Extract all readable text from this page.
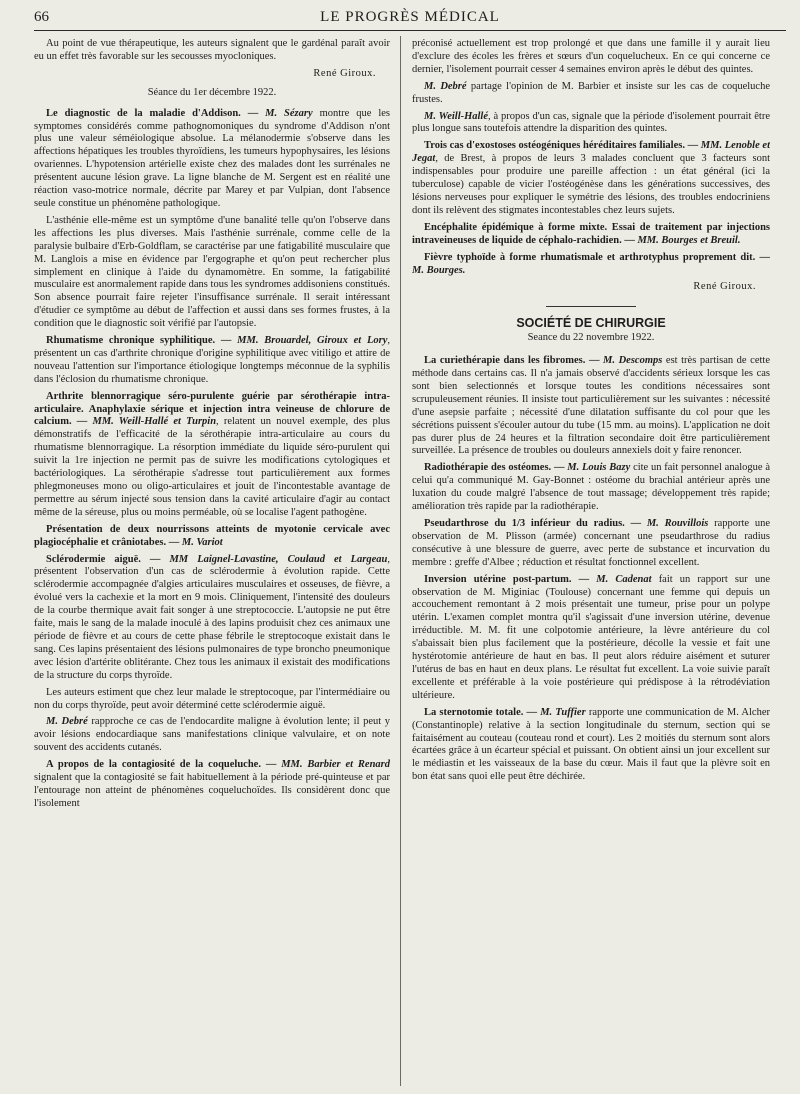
66	LE PROGRÈS MÉDICAL

Au point de vue thérapeutique, les auteurs signalent que le gardénal paraît avoir eu un effet très favorable sur les secousses myocloniques.

René Giroux.

Séance du 1er décembre 1922.

Le diagnostic de la maladie d'Addison. — M. Sézary montre que les symptomes considérés comme pathognomoniques du syndrome d'Addison n'ont plus une valeur séméiologique absolue. La mélanodermie s'observe dans les affections hépatiques les troubles thyroïdiens, les tumeurs hypophysaires, les lésions ovariennes. L'hypotension artérielle existe chez des malades dont les surrénales ne présentent aucune lésion grave. La ligne blanche de M. Sergent est en réalité une réaction vaso-motrice normale, décrite par Marey et par Vulpian, dont l'absence seule constitue un phénomène pathologique.

L'asthénie elle-même est un symptôme d'une banalité telle qu'on l'observe dans les affections les plus diverses. Mais l'asthénie surrénale, comme celle de la paralysie bulbaire d'Erb-Goldflam, se caractérise par une fatigabilité musculaire que M. Langlois a mise en évidence par l'ergographe et qu'on peut rechercher plus simplement en clinique à l'aide du dynamomètre. En somme, la fatigabilité musculaire est anormalement rapide dans tous les syndromes addisoniens constitués. Son absence pourrait faire rejeter l'insuffisance surrénale. Il serait intéressant d'étudier ce symptôme au début de l'affection et aussi dans ses formes frustes, à la condition que le diagnostic soit vérifié par l'autopsie.

Rhumatisme chronique syphilitique. — MM. Brouardel, Giroux et Lory, présentent un cas d'arthrite chronique d'origine syphilitique avec vitiligo et attire de nouveau l'attention sur l'importance étiologique longtemps méconnue de la syphilis dans l'éclosion du rhumatisme chronique.

Arthrite blennorragique séro-purulente guérie par sérothérapie intra-articulaire. Anaphylaxie sérique et injection intra veineuse de chlorure de calcium. — MM. Weill-Hallé et Turpin, relatent un nouvel exemple, des plus démonstratifs de l'efficacité de la sérothérapie intra-articulaire au cours du rhumatisme blennorragique. La résorption immédiate du liquide séro-purulent qui suivit la 1re injection ne permit pas de suivre les modifications cytologiques et bactériologiques. La sérothérapie s'adresse tout particulièrement aux formes phlegmoneuses mono ou oligo-articulaires et jouit de l'incontestable avantage de permettre au sérum injecté sous tension dans la cavité articulaire d'agir au contact même de la séreuse, plus ou moins perméable, où se localise l'agent pathogène.

Présentation de deux nourrissons atteints de myotonie cervicale avec plagiocéphalie et crâniotabes. — M. Variot

Sclérodermie aiguë. — MM Laignel-Lavastine, Coulaud et Largeau, présentent l'observation d'un cas de sclérodermie à évolution rapide. Cette sclérodermie accompagnée d'algies articulaires musculaires et osseuses, de fièvre, a évolué vers la cachexie et la mort en 9 mois. Cliniquement, l'intensité des douleurs de la courbe thermique avait fait songer à une streptococcie. L'autopsie ne put être faite, mais le sang de la malade inoculé à des lapins produisit chez ces animaux une période de fièvre et au cours de cette phase fébrile le streptocoque existait dans le sang. Ces lapins présentaient des lésions pulmonaires de type broncho pneumonique avec lésion d'artérite oblitérante. Chez tous les animaux il existait des modifications de la structure du corps thyroïde.

Les auteurs estiment que chez leur malade le streptocoque, par l'intermédiaire ou non du corps thyroïde, peut avoir déterminé cette sclérodermie aiguë.

M. Debré rapproche ce cas de l'endocardite maligne à évolution lente; il peut y avoir lésions endocardiaque sans manifestations clinique valvulaire, et on note souvent des accidents cutanés.

A propos de la contagiosité de la coqueluche. — MM. Barbier et Renard signalent que la contagiosité se fait habituellement à la période pré-quinteuse et par l'entourage non atteint de phénomènes coqueluchoïdes. Ils considèrent donc que l'isolement

préconisé actuellement est trop prolongé et que dans une famille il y aurait lieu d'exclure des écoles les frères et sœurs d'un coquelucheux. En ce qui concerne ce dernier, l'isolement pourrait cesser 4 semaines environ après le début des quintes.

M. Debré partage l'opinion de M. Barbier et insiste sur les cas de coqueluche frustes.

M. Weill-Hallé, à propos d'un cas, signale que la période d'isolement pourrait être plus longue sans toutefois attendre la disparition des quintes.

Trois cas d'exostoses ostéogéniques héréditaires familiales. — MM. Lenoble et Jegat, de Brest, à propos de leurs 3 malades concluent que 3 facteurs sont indispensables pour produire une pareille affection : un état général (ici la tuberculose) capable de vicier l'ostéogénèse dans les générations successives, des lésions nerveuses pour expliquer le symétrie des lésions, des troubles endocriniens dont ils relèvent des stigmates incontestables chez leurs sujets.

Encéphalite épidémique à forme mixte. Essai de traitement par injections intraveineuses de liquide de céphalo-rachidien. — MM. Bourges et Breuil.

Fièvre typhoïde à forme rhumatismale et arthrotyphus proprement dit. — M. Bourges.

René Giroux.

SOCIÉTÉ DE CHIRURGIE

Seance du 22 novembre 1922.

La curiethérapie dans les fibromes. — M. Descomps est très partisan de cette méthode dans certains cas. Il n'a jamais observé d'accidents sérieux lorsque les cas sont bien selectionnés et lorsque toutes les conditions nécessaires sont scrupuleusement réunies. Il insiste tout particulièrement sur les suivantes : nécessité d'une asepsie parfaite ; nécessité d'une dilatation suffisante du col pour que les sécrétions puissent s'écouler autour du tube (15 mm. au moins). L'application ne doit pas durer plus de 24 heures et la filtration secondaire doit être particulièrement surveillée. La présence de troubles ou douleurs annexiels doit y faire renoncer.

Radiothérapie des ostéomes. — M. Louis Bazy cite un fait personnel analogue à celui qu'a communiqué M. Gay-Bonnet : ostéome du brachial antérieur après une luxation du coude malgré l'absence de tout massage; développement très rapide; amélioration très rapide par la radiothérapie.

Pseudarthrose du 1/3 inférieur du radius. — M. Rouvillois rapporte une observation de M. Plisson (armée) concernant une pseudarthrose du radius consécutive à une blessure de guerre, avec perte de substance et incurvation du membre : greffe d'Albee ; réduction et résultat fonctionnel excellent.

Inversion utérine post-partum. — M. Cadenat fait un rapport sur une observation de M. Miginiac (Toulouse) concernant une femme qui depuis un accouchement remontant à 2 mois présentait une tumeur, prise pour un polype utérin. L'examen complet montra qu'il s'agissait d'une inversion utérine, devenue irréductible. M. M. fit une colpotomie antérieure, la lèvre antérieure du col s'abaissait bien plus facilement que la postérieure, décolle la vessie et fait une hystérotomie antérieure de haut en bas. Il peut alors réduire aisément et suturer l'utérus de bas en haut en deux plans. Le résultat fut excellent. La voie suivie paraît excellente et préférable à la voie postérieure qui prédispose à la rétrodéviation ultérieure.

La sternotomie totale. — M. Tuffier rapporte une communication de M. Alcher (Constantinople) relative à la section longitudinale du sternum, section qui se faitaisément au couteau (couteau rond et court). Les 2 moitiés du sternum sont alors écartées grâce à un écarteur spécial et puissant. On obtient ainsi un jour excellent sur le médiastin et les vaisseaux de la base du cœur. Mais il faut que la plèvre soit en bon état sans quoi elle peut être déchirée.
